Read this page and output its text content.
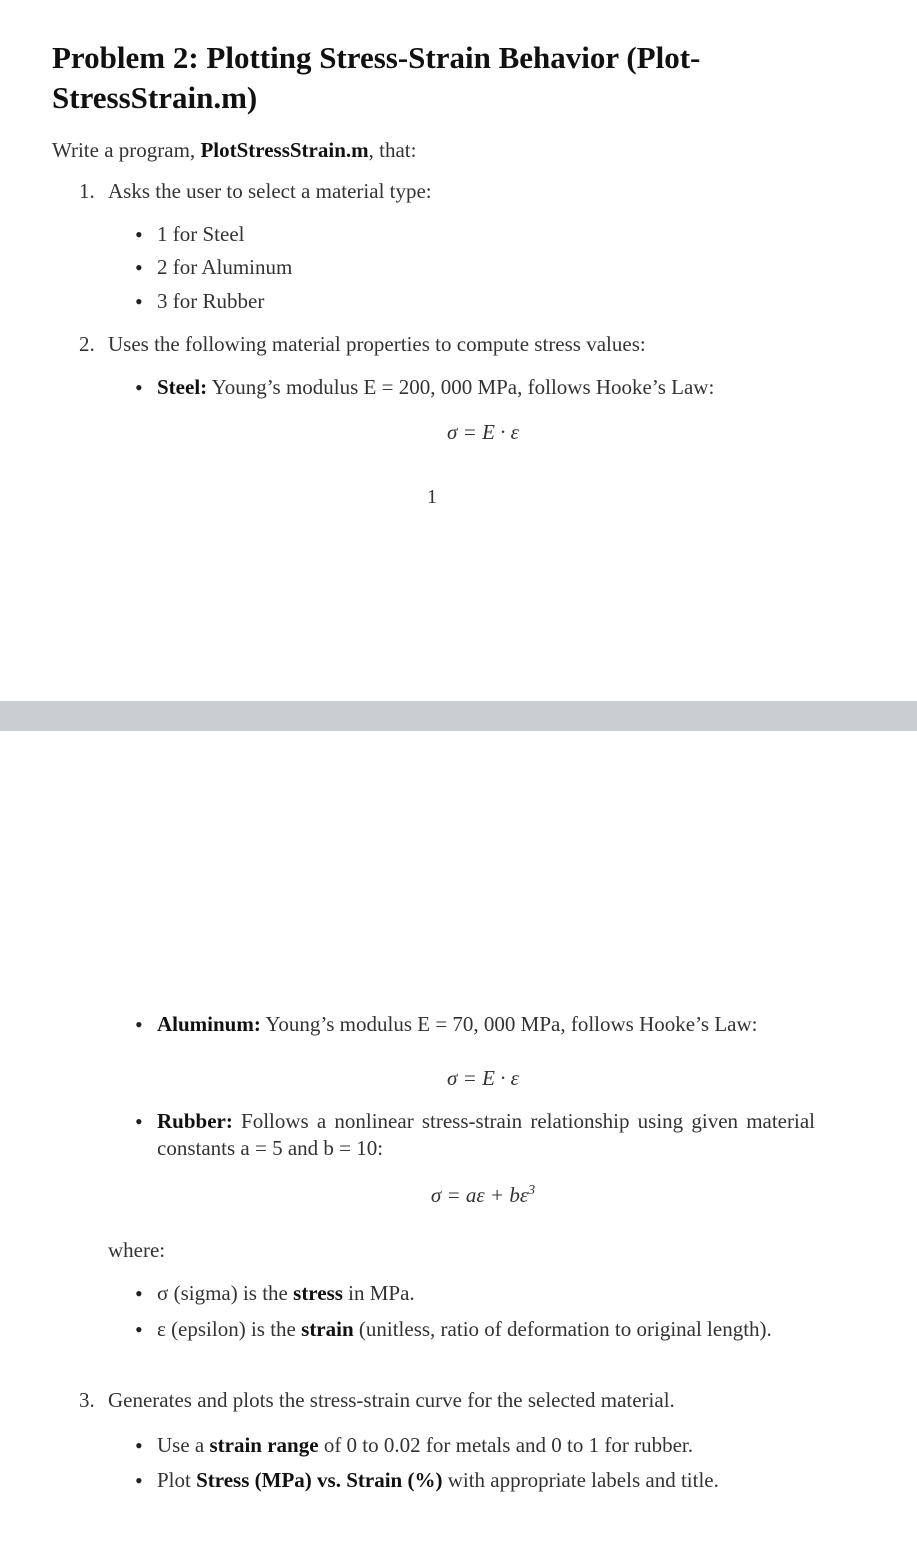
Problem 2: Plotting Stress-Strain Behavior (Plot-
StressStrain.m)
Write a program, PlotStressStrain.m, that:
1. Asks the user to select a material type:
• 1 for Steel
• 2 for Aluminum
• 3 for Rubber
2. Uses the following material properties to compute stress values:
• Steel: Young’s modulus E = 200, 000 MPa, follows Hooke’s Law:
σ = E · ε
1
• Aluminum: Young’s modulus E = 70, 000 MPa, follows Hooke’s Law:
σ = E · ε
• Rubber: Follows a nonlinear stress-strain relationship using given material constants a = 5 and b = 10:
$\sigma = a\varepsilon + b\varepsilon^3$
where:
• σ (sigma) is the stress in MPa.
• ε (epsilon) is the strain (unitless, ratio of deformation to original length).
3. Generates and plots the stress-strain curve for the selected material.
• Use a strain range of 0 to 0.02 for metals and 0 to 1 for rubber.
• Plot Stress (MPa) vs. Strain (%) with appropriate labels and title.
